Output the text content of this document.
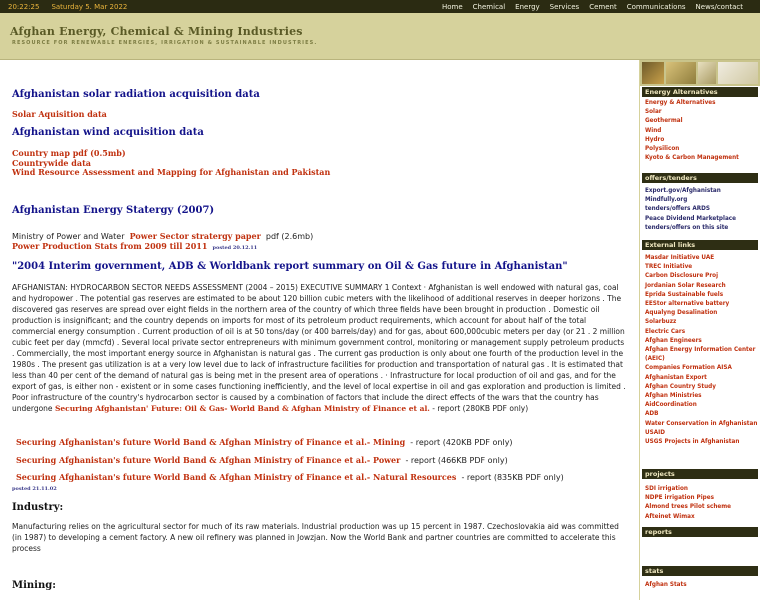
20:22:25 Saturday 5. Mar 2022	Home Chemical Energy Services Cement Communications News/contact
Afghan Energy, Chemical & Mining Industries
RESOURCE FOR RENEWABLE ENERGIES, IRRIGATION & SUSTAINABLE INDUSTRIES.
Afghanistan solar radiation acquisition data
Solar Aquisition data
Afghanistan wind acquisition data
Country map pdf (0.5mb)
Countrywide data
Wind Resource Assessment and Mapping for Afghanistan and Pakistan
Afghanistan Energy Statergy (2007)
Ministry of Power and Water Power Sector stratergy paper pdf (2.6mb)
Power Production Stats from 2009 till 2011 posted 20.12.11
"2004 Interim government, ADB & Worldbank report summary on Oil & Gas future in Afghanistan"
AFGHANISTAN: HYDROCARBON SECTOR NEEDS ASSESSMENT (2004 – 2015) EXECUTIVE SUMMARY 1 Context · Afghanistan is well endowed with natural gas, coal and hydropower . The potential gas reserves are estimated to be about 120 billion cubic meters with the likelihood of additional reserves in deeper horizons . The discovered gas reserves are spread over eight fields in the northern area of the country of which three fields have been brought in production . Domestic oil production is insignificant; and the country depends on imports for most of its petroleum product requirements, which account for about half of the total commercial energy consumption . Current production of oil is at 50 tons/day (or 400 barrels/day) and for gas, about 600,000cubic meters per day (or 21 . 2 million cubic feet per day (mmcfd) . Several local private sector entrepreneurs with minimum government control, monitoring or management supply petroleum products . Commercially, the most important energy source in Afghanistan is natural gas . The current gas production is only about one fourth of the production level in the 1980s . The present gas utilization is at a very low level due to lack of infrastructure facilities for production and transportation of natural gas . It is estimated that less than 40 per cent of the demand of natural gas is being met in the present area of operations . · Infrastructure for local production of oil and gas, and for the export of gas, is either non - existent or in some cases functioning inefficiently, and the level of local expertise in oil and gas exploration and production is limited . Poor infrastructure of the country's hydrocarbon sector is caused by a combination of factors that include the direct effects of the wars that the country has undergone Securing Afghanistan' Future: Oil & Gas- World Band & Afghan Ministry of Finance et al. - report (280KB PDF only)
Securing Afghanistan's future World Band & Afghan Ministry of Finance et al.- Mining - report (420KB PDF only)
Securing Afghanistan's future World Band & Afghan Ministry of Finance et al.- Power - report (466KB PDF only)
Securing Afghanistan's future World Band & Afghan Ministry of Finance et al.- Natural Resources - report (835KB PDF only)
posted 21.11.02
Industry:
Manufacturing relies on the agricultural sector for much of its raw materials. Industrial production was up 15 percent in 1987. Czechoslovakia aid was committed (in 1987) to developing a cement factory. A new oil refinery was planned in Jowzjan. Now the World Bank and partner countries are committed to accelerate this process
Mining:
Energy Alternatives
Energy & Alternatives
Solar
Geothermal
Wind
Hydro
Polysilicon
Kyoto & Carbon Management
offers/tenders
Export.gov/Afghanistan
Mindfully.org
tenders/offers ARDS
Peace Dividend Marketplace
tenders/offers on this site
External links
Masdar Initiative UAE
TREC Initiative
Carbon Disclosure Proj
Jordanian Solar Research
Eprida Sustainable fuels
EEStor alternative battery
Aqualyng Desalination
Solarbuzz
Electric Cars
Afghan Engineers
Afghan Energy Information Center (AEIC)
Companies Formation AISA
Afghanistan Export
Afghan Country Study
Afghan Ministries
AidCoordination
ADB
Water Conservation in Afghanistan
USAID
USGS Projects in Afghanistan
projects
SDI irrigation
NDPE irrigation Pipes
Almond trees Pilot scheme
Afteinet Wimax
reports
stats
Afghan Stats
